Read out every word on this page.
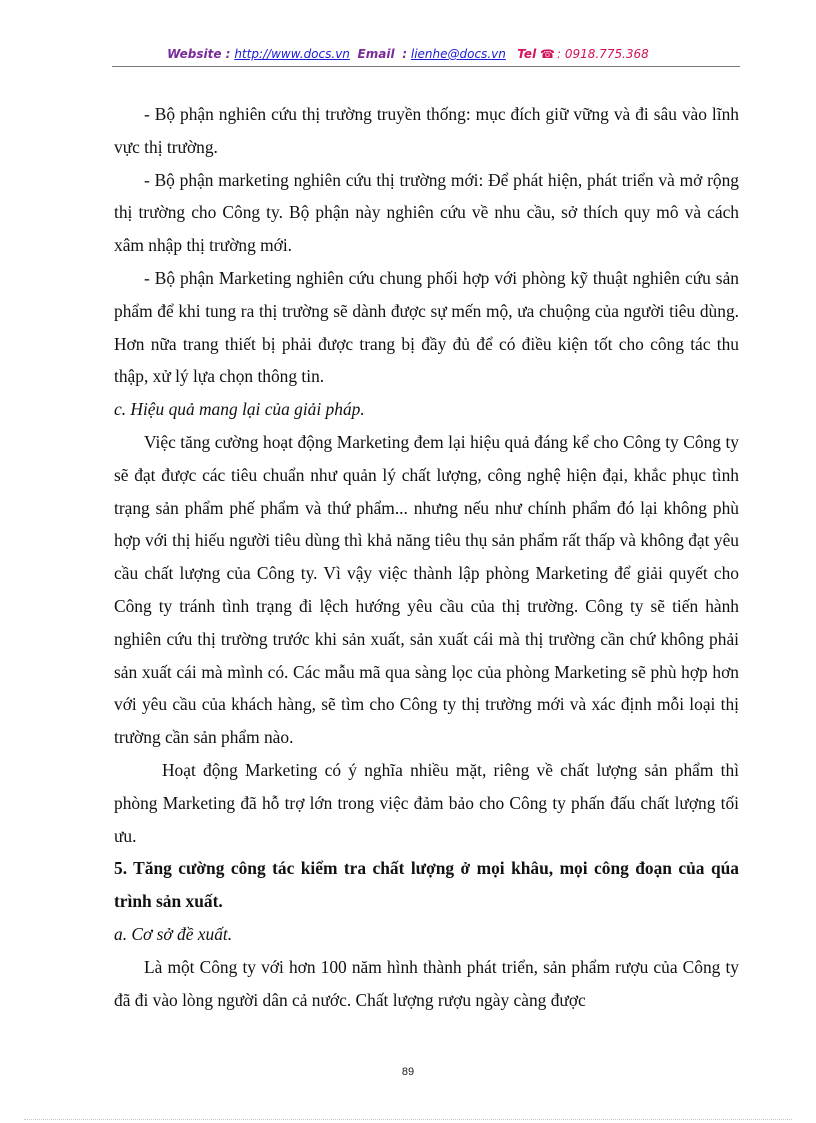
Website : http://www.docs.vn Email : lienhe@docs.vn Tel ☎ : 0918.775.368

- Bộ phận nghiên cứu thị trường truyền thống: mục đích giữ vững và đi sâu vào lĩnh vực thị trường.

- Bộ phận marketing nghiên cứu thị trường mới: Để phát hiện, phát triển và mở rộng thị trường cho Công ty. Bộ phận này nghiên cứu về nhu cầu, sở thích quy mô và cách xâm nhập thị trường mới.

- Bộ phận Marketing nghiên cứu chung phối hợp với phòng kỹ thuật nghiên cứu sản phẩm để khi tung ra thị trường sẽ dành được sự mến mộ, ưa chuộng của người tiêu dùng. Hơn nữa trang thiết bị phải được trang bị đầy đủ để có điều kiện tốt cho công tác thu thập, xử lý lựa chọn thông tin.

c. Hiệu quả mang lại của giải pháp.

Việc tăng cường hoạt động Marketing đem lại hiệu quả đáng kể cho Công ty Công ty sẽ đạt được các tiêu chuẩn như quản lý chất lượng, công nghệ hiện đại, khắc phục tình trạng sản phẩm phế phẩm và thứ phẩm... nhưng nếu như chính phẩm đó lại không phù hợp với thị hiếu người tiêu dùng thì khả năng tiêu thụ sản phẩm rất thấp và không đạt yêu cầu chất lượng của Công ty. Vì vậy việc thành lập phòng Marketing để giải quyết cho Công ty tránh tình trạng đi lệch hướng yêu cầu của thị trường. Công ty sẽ tiến hành nghiên cứu thị trường trước khi sản xuất, sản xuất cái mà thị trường cần chứ không phải sản xuất cái mà mình có. Các mẫu mã qua sàng lọc của phòng Marketing sẽ phù hợp hơn với yêu cầu của khách hàng, sẽ tìm cho Công ty thị trường mới và xác định mỗi loại thị trường cần sản phẩm nào.

Hoạt động Marketing có ý nghĩa nhiều mặt, riêng về chất lượng sản phẩm thì phòng Marketing đã hỗ trợ lớn trong việc đảm bảo cho Công ty phấn đấu chất lượng tối ưu.

5. Tăng cường công tác kiểm tra chất lượng ở mọi khâu, mọi công đoạn của qúa trình sản xuất.

a. Cơ sở đề xuất.

Là một Công ty với hơn 100 năm hình thành phát triển, sản phẩm rượu của Công ty đã đi vào lòng người dân cả nước. Chất lượng rượu ngày càng được

89
